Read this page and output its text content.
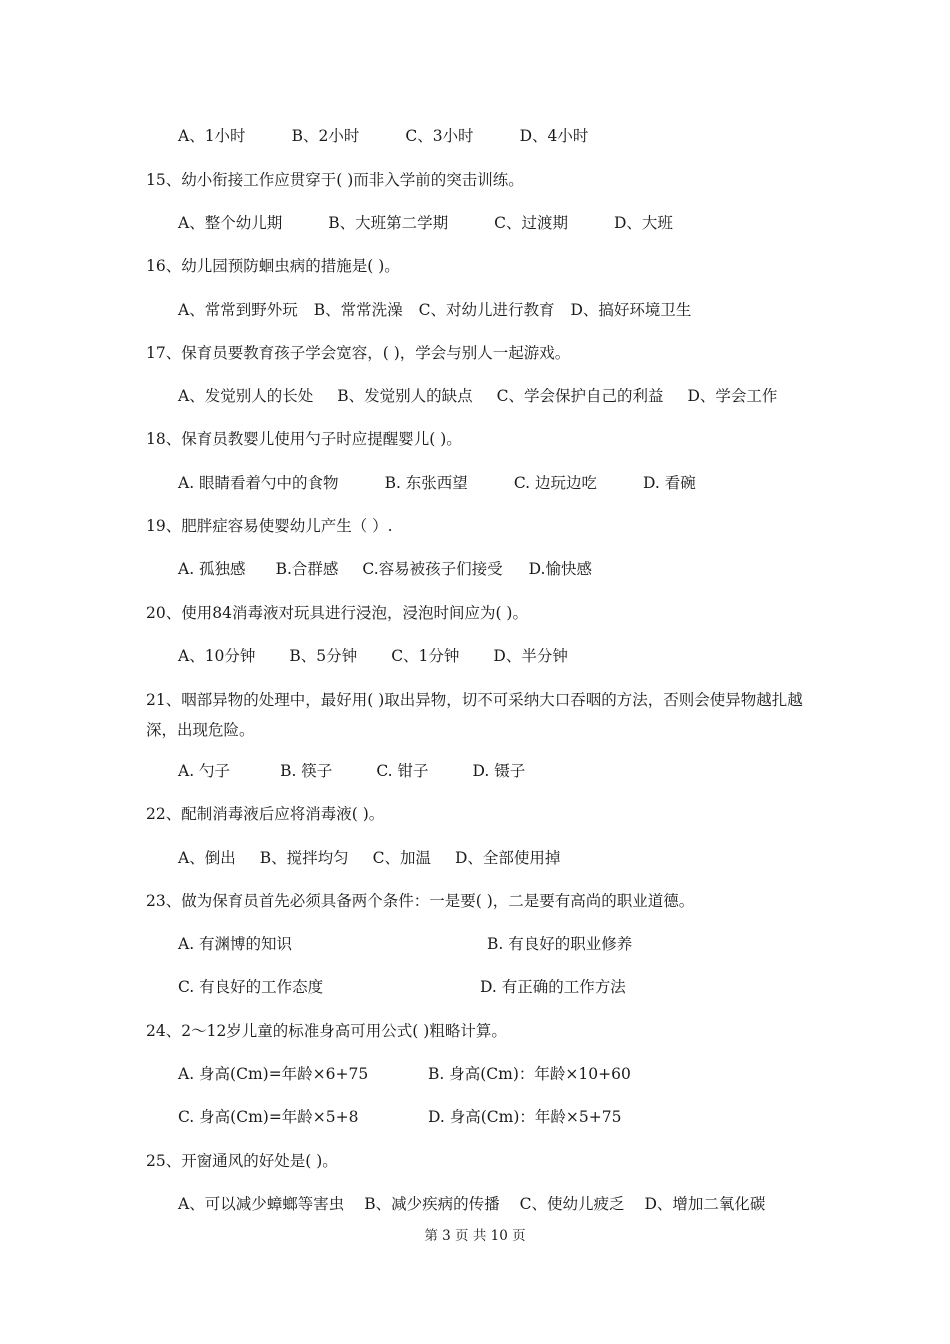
A、1小时	B、2小时	C、3小时	D、4小时
15、幼小衔接工作应贯穿于( )而非入学前的突击训练。
A、整个幼儿期	B、大班第二学期	C、过渡期	D、大班
16、幼儿园预防蛔虫病的措施是( )。
A、常常到野外玩 B、常常洗澡 C、对幼儿进行教育 D、搞好环境卫生
17、保育员要教育孩子学会宽容，( )，学会与别人一起游戏。
A、发觉别人的长处 B、发觉别人的缺点 C、学会保护自己的利益 D、学会工作
18、保育员教婴儿使用勺子时应提醒婴儿( )。
A. 眼睛看着勺中的食物	B. 东张西望	C. 边玩边吃	D. 看碗
19、肥胖症容易使婴幼儿产生（ ）.
A. 孤独感 B.合群感 C.容易被孩子们接受 D.愉快感
20、使用84消毒液对玩具进行浸泡，浸泡时间应为( )。
A、10分钟 B、5分钟 C、1分钟 D、半分钟
21、咽部异物的处理中，最好用( )取出异物，切不可采纳大口吞咽的方法，否则会使异物越扎越深，出现危险。
A. 勺子	B. 筷子	C. 钳子	D. 镊子
22、配制消毒液后应将消毒液( )。
A、倒出 B、搅拌均匀 C、加温 D、全部使用掉
23、做为保育员首先必须具备两个条件：一是要( )，二是要有高尚的职业道德。
A. 有渊博的知识	B. 有良好的职业修养
C. 有良好的工作态度	D. 有正确的工作方法
24、2～12岁儿童的标准身高可用公式( )粗略计算。
A. 身高(Cm)=年龄×6+75	B. 身高(Cm)：年龄×10+60
C. 身高(Cm)=年龄×5+8	D. 身高(Cm)：年龄×5+75
25、开窗通风的好处是( )。
A、可以减少蟑螂等害虫 B、减少疾病的传播 C、使幼儿疲乏 D、增加二氧化碳
第 3 页 共 10 页
